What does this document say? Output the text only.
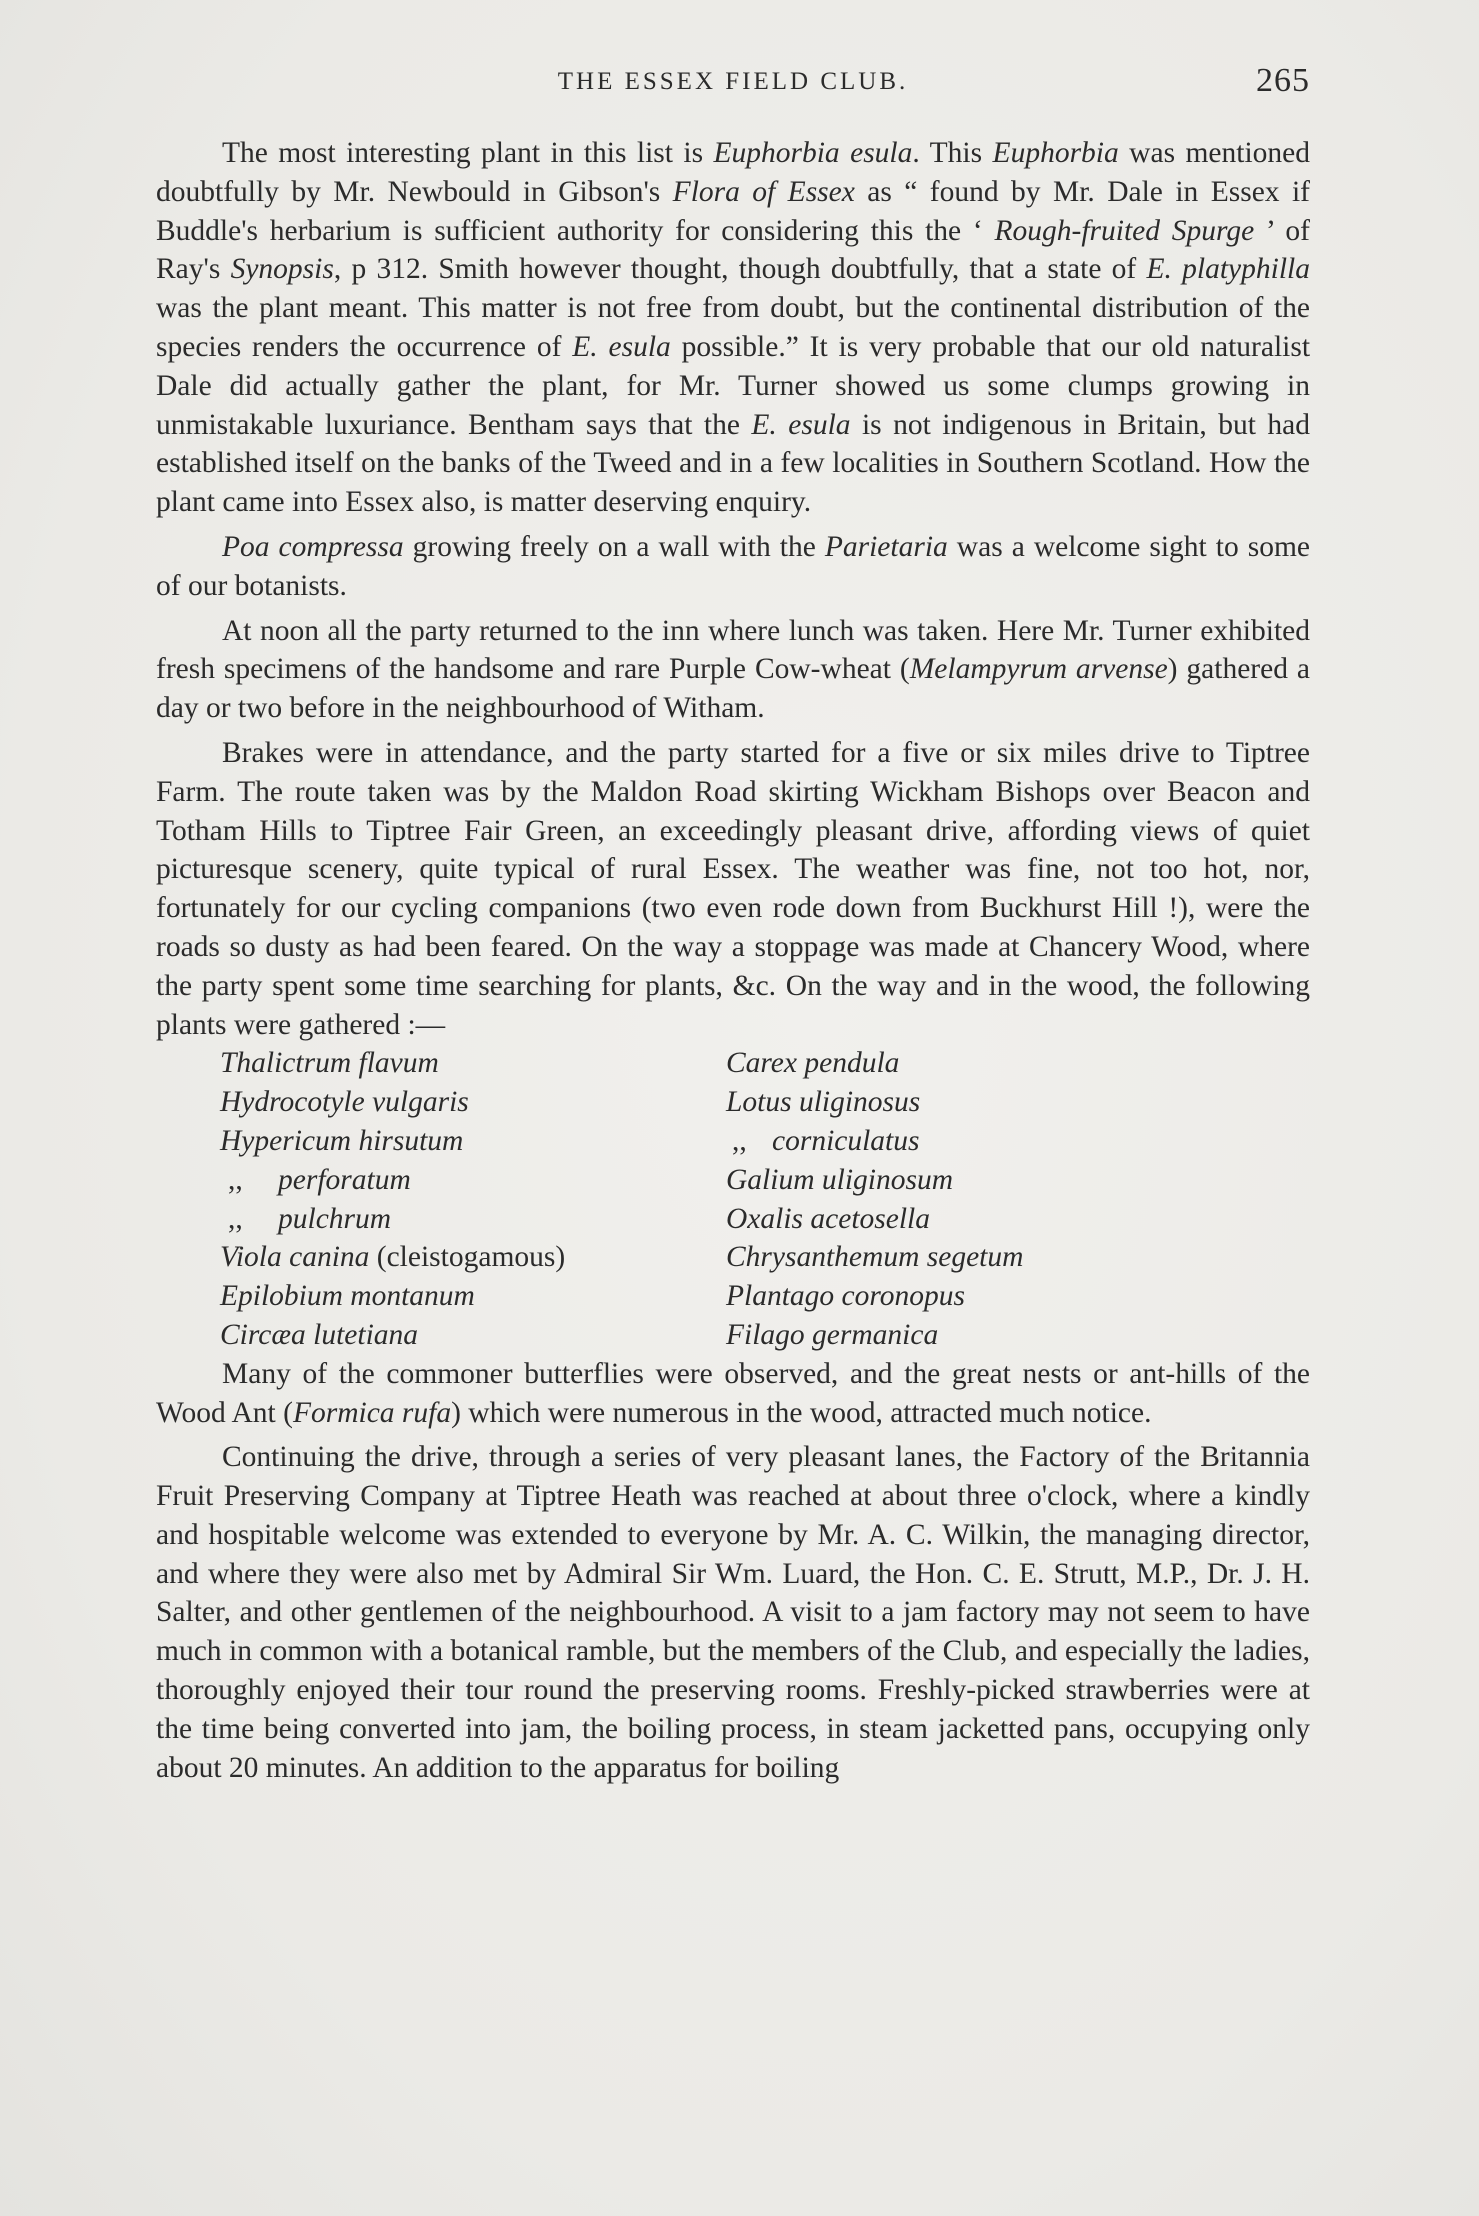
THE ESSEX FIELD CLUB.	265

The most interesting plant in this list is Euphorbia esula. This Euphorbia was mentioned doubtfully by Mr. Newbould in Gibson's Flora of Essex as “ found by Mr. Dale in Essex if Buddle's herbarium is sufficient authority for considering this the ‘ Rough-fruited Spurge ’ of Ray's Synopsis, p 312. Smith however thought, though doubtfully, that a state of E. platyphilla was the plant meant. This matter is not free from doubt, but the continental distribution of the species renders the occurrence of E. esula possible.” It is very probable that our old naturalist Dale did actually gather the plant, for Mr. Turner showed us some clumps growing in unmistakable luxuriance. Bentham says that the E. esula is not indigenous in Britain, but had established itself on the banks of the Tweed and in a few localities in Southern Scotland. How the plant came into Essex also, is matter deserving enquiry.

Poa compressa growing freely on a wall with the Parietaria was a welcome sight to some of our botanists.

At noon all the party returned to the inn where lunch was taken. Here Mr. Turner exhibited fresh specimens of the handsome and rare Purple Cow-wheat (Melampyrum arvense) gathered a day or two before in the neighbourhood of Witham.

Brakes were in attendance, and the party started for a five or six miles drive to Tiptree Farm. The route taken was by the Maldon Road skirting Wickham Bishops over Beacon and Totham Hills to Tiptree Fair Green, an exceedingly pleasant drive, affording views of quiet picturesque scenery, quite typical of rural Essex. The weather was fine, not too hot, nor, fortunately for our cycling companions (two even rode down from Buckhurst Hill !), were the roads so dusty as had been feared. On the way a stoppage was made at Chancery Wood, where the party spent some time searching for plants, &c. On the way and in the wood, the following plants were gathered :—

Thalictrum flavum
Hydrocotyle vulgaris
Hypericum hirsutum
,, perforatum
,, pulchrum
Viola canina (cleistogamous)
Epilobium montanum
Circæa lutetiana
Carex pendula
Lotus uliginosus
,, corniculatus
Galium uliginosum
Oxalis acetosella
Chrysanthemum segetum
Plantago coronopus
Filago germanica

Many of the commoner butterflies were observed, and the great nests or ant-hills of the Wood Ant (Formica rufa) which were numerous in the wood, attracted much notice.

Continuing the drive, through a series of very pleasant lanes, the Factory of the Britannia Fruit Preserving Company at Tiptree Heath was reached at about three o'clock, where a kindly and hospitable welcome was extended to everyone by Mr. A. C. Wilkin, the managing director, and where they were also met by Admiral Sir Wm. Luard, the Hon. C. E. Strutt, M.P., Dr. J. H. Salter, and other gentlemen of the neighbourhood. A visit to a jam factory may not seem to have much in common with a botanical ramble, but the members of the Club, and especially the ladies, thoroughly enjoyed their tour round the preserving rooms. Freshly-picked strawberries were at the time being converted into jam, the boiling process, in steam jacketted pans, occupying only about 20 minutes. An addition to the apparatus for boiling
